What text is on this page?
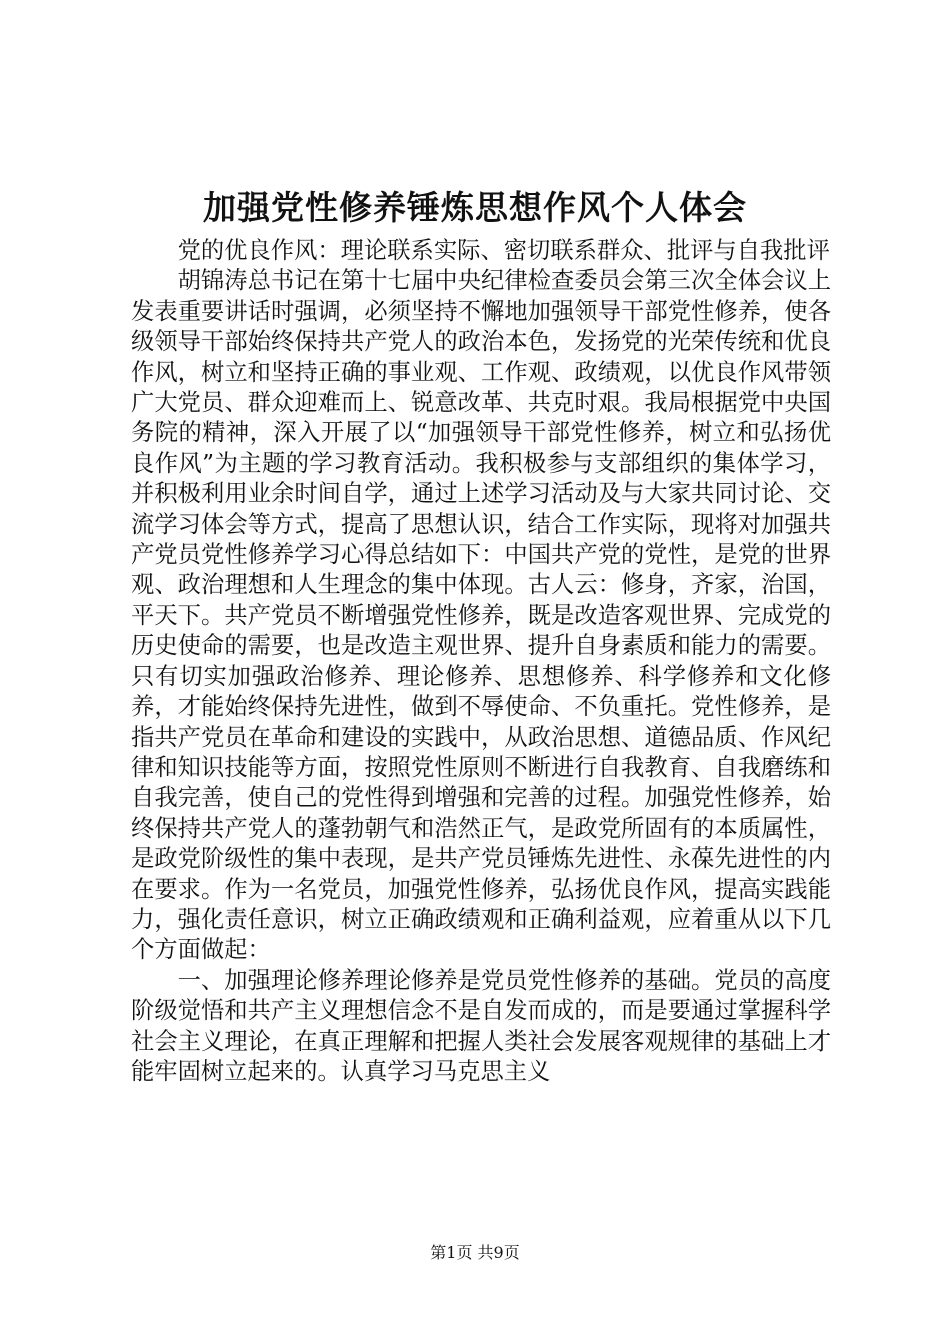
加强党性修养锤炼思想作风个人体会

党的优良作风：理论联系实际、密切联系群众、批评与自我批评

胡锦涛总书记在第十七届中央纪律检查委员会第三次全体会议上发表重要讲话时强调，必须坚持不懈地加强领导干部党性修养，使各级领导干部始终保持共产党人的政治本色，发扬党的光荣传统和优良作风，树立和坚持正确的事业观、工作观、政绩观，以优良作风带领广大党员、群众迎难而上、锐意改革、共克时艰。我局根据党中央国务院的精神，深入开展了以“加强领导干部党性修养，树立和弘扬优良作风”为主题的学习教育活动。我积极参与支部组织的集体学习，并积极利用业余时间自学，通过上述学习活动及与大家共同讨论、交流学习体会等方式，提高了思想认识，结合工作实际，现将对加强共产党员党性修养学习心得总结如下：中国共产党的党性，是党的世界观、政治理想和人生理念的集中体现。古人云：修身，齐家，治国，平天下。共产党员不断增强党性修养，既是改造客观世界、完成党的历史使命的需要，也是改造主观世界、提升自身素质和能力的需要。只有切实加强政治修养、理论修养、思想修养、科学修养和文化修养，才能始终保持先进性，做到不辱使命、不负重托。党性修养，是指共产党员在革命和建设的实践中，从政治思想、道德品质、作风纪律和知识技能等方面，按照党性原则不断进行自我教育、自我磨练和自我完善，使自己的党性得到增强和完善的过程。加强党性修养，始终保持共产党人的蓬勃朝气和浩然正气，是政党所固有的本质属性，是政党阶级性的集中表现，是共产党员锤炼先进性、永葆先进性的内在要求。作为一名党员，加强党性修养，弘扬优良作风，提高实践能力，强化责任意识，树立正确政绩观和正确利益观，应着重从以下几个方面做起：

一、加强理论修养理论修养是党员党性修养的基础。党员的高度阶级觉悟和共产主义理想信念不是自发而成的，而是要通过掌握科学社会主义理论，在真正理解和把握人类社会发展客观规律的基础上才能牢固树立起来的。认真学习马克思主义

第1页 共9页
